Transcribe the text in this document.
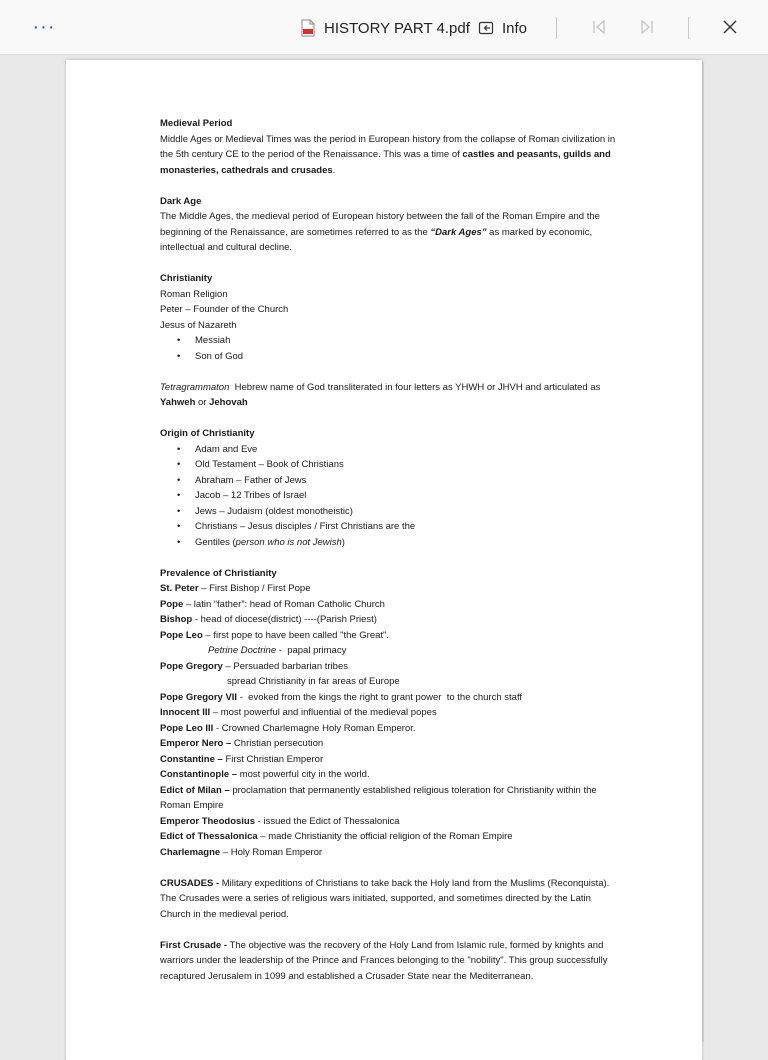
···	HISTORY PART 4.pdf Info

Medieval Period

Middle Ages or Medieval Times was the period in European history from the collapse of Roman civilization in the 5th century CE to the period of the Renaissance. This was a time of castles and peasants, guilds and monasteries, cathedrals and crusades.

Dark Age

The Middle Ages, the medieval period of European history between the fall of the Roman Empire and the beginning of the Renaissance, are sometimes referred to as the “Dark Ages” as marked by economic, intellectual and cultural decline.

Christianity

Roman Religion

Peter – Founder of the Church

Jesus of Nazareth

• Messiah
• Son of God

Tetragrammaton  Hebrew name of God transliterated in four letters as YHWH or JHVH and articulated as Yahweh or Jehovah

Origin of Christianity

• Adam and Eve
• Old Testament – Book of Christians
• Abraham – Father of Jews
• Jacob – 12 Tribes of Israel
• Jews – Judaism (oldest monotheistic)
• Christians – Jesus disciples / First Christians are the
• Gentiles (person who is not Jewish)

Prevalence of Christianity

St. Peter – First Bishop / First Pope

Pope – latin “father”: head of Roman Catholic Church

Bishop - head of diocese(district) ----(Parish Priest)

Pope Leo – first pope to have been called "the Great".

Petrine Doctrine -  papal primacy

Pope Gregory – Persuaded barbarian tribes

spread Christianity in far areas of Europe

Pope Gregory VII -  evoked from the kings the right to grant power  to the church staff

Innocent III – most powerful and influential of the medieval popes

Pope Leo III - Crowned Charlemagne Holy Roman Emperor.

Emperor Nero – Christian persecution

Constantine – First Christian Emperor

Constantinople – most powerful city in the world.

Edict of Milan – proclamation that permanently established religious toleration for Christianity within the Roman Empire

Emperor Theodosius - issued the Edict of Thessalonica

Edict of Thessalonica – made Christianity the official religion of the Roman Empire

Charlemagne – Holy Roman Emperor

CRUSADES - Military expeditions of Christians to take back the Holy land from the Muslims (Reconquista). The Crusades were a series of religious wars initiated, supported, and sometimes directed by the Latin Church in the medieval period.

First Crusade - The objective was the recovery of the Holy Land from Islamic rule, formed by knights and warriors under the leadership of the Prince and Frances belonging to the "nobility". This group successfully recaptured Jerusalem in 1099 and established a Crusader State near the Mediterranean.
